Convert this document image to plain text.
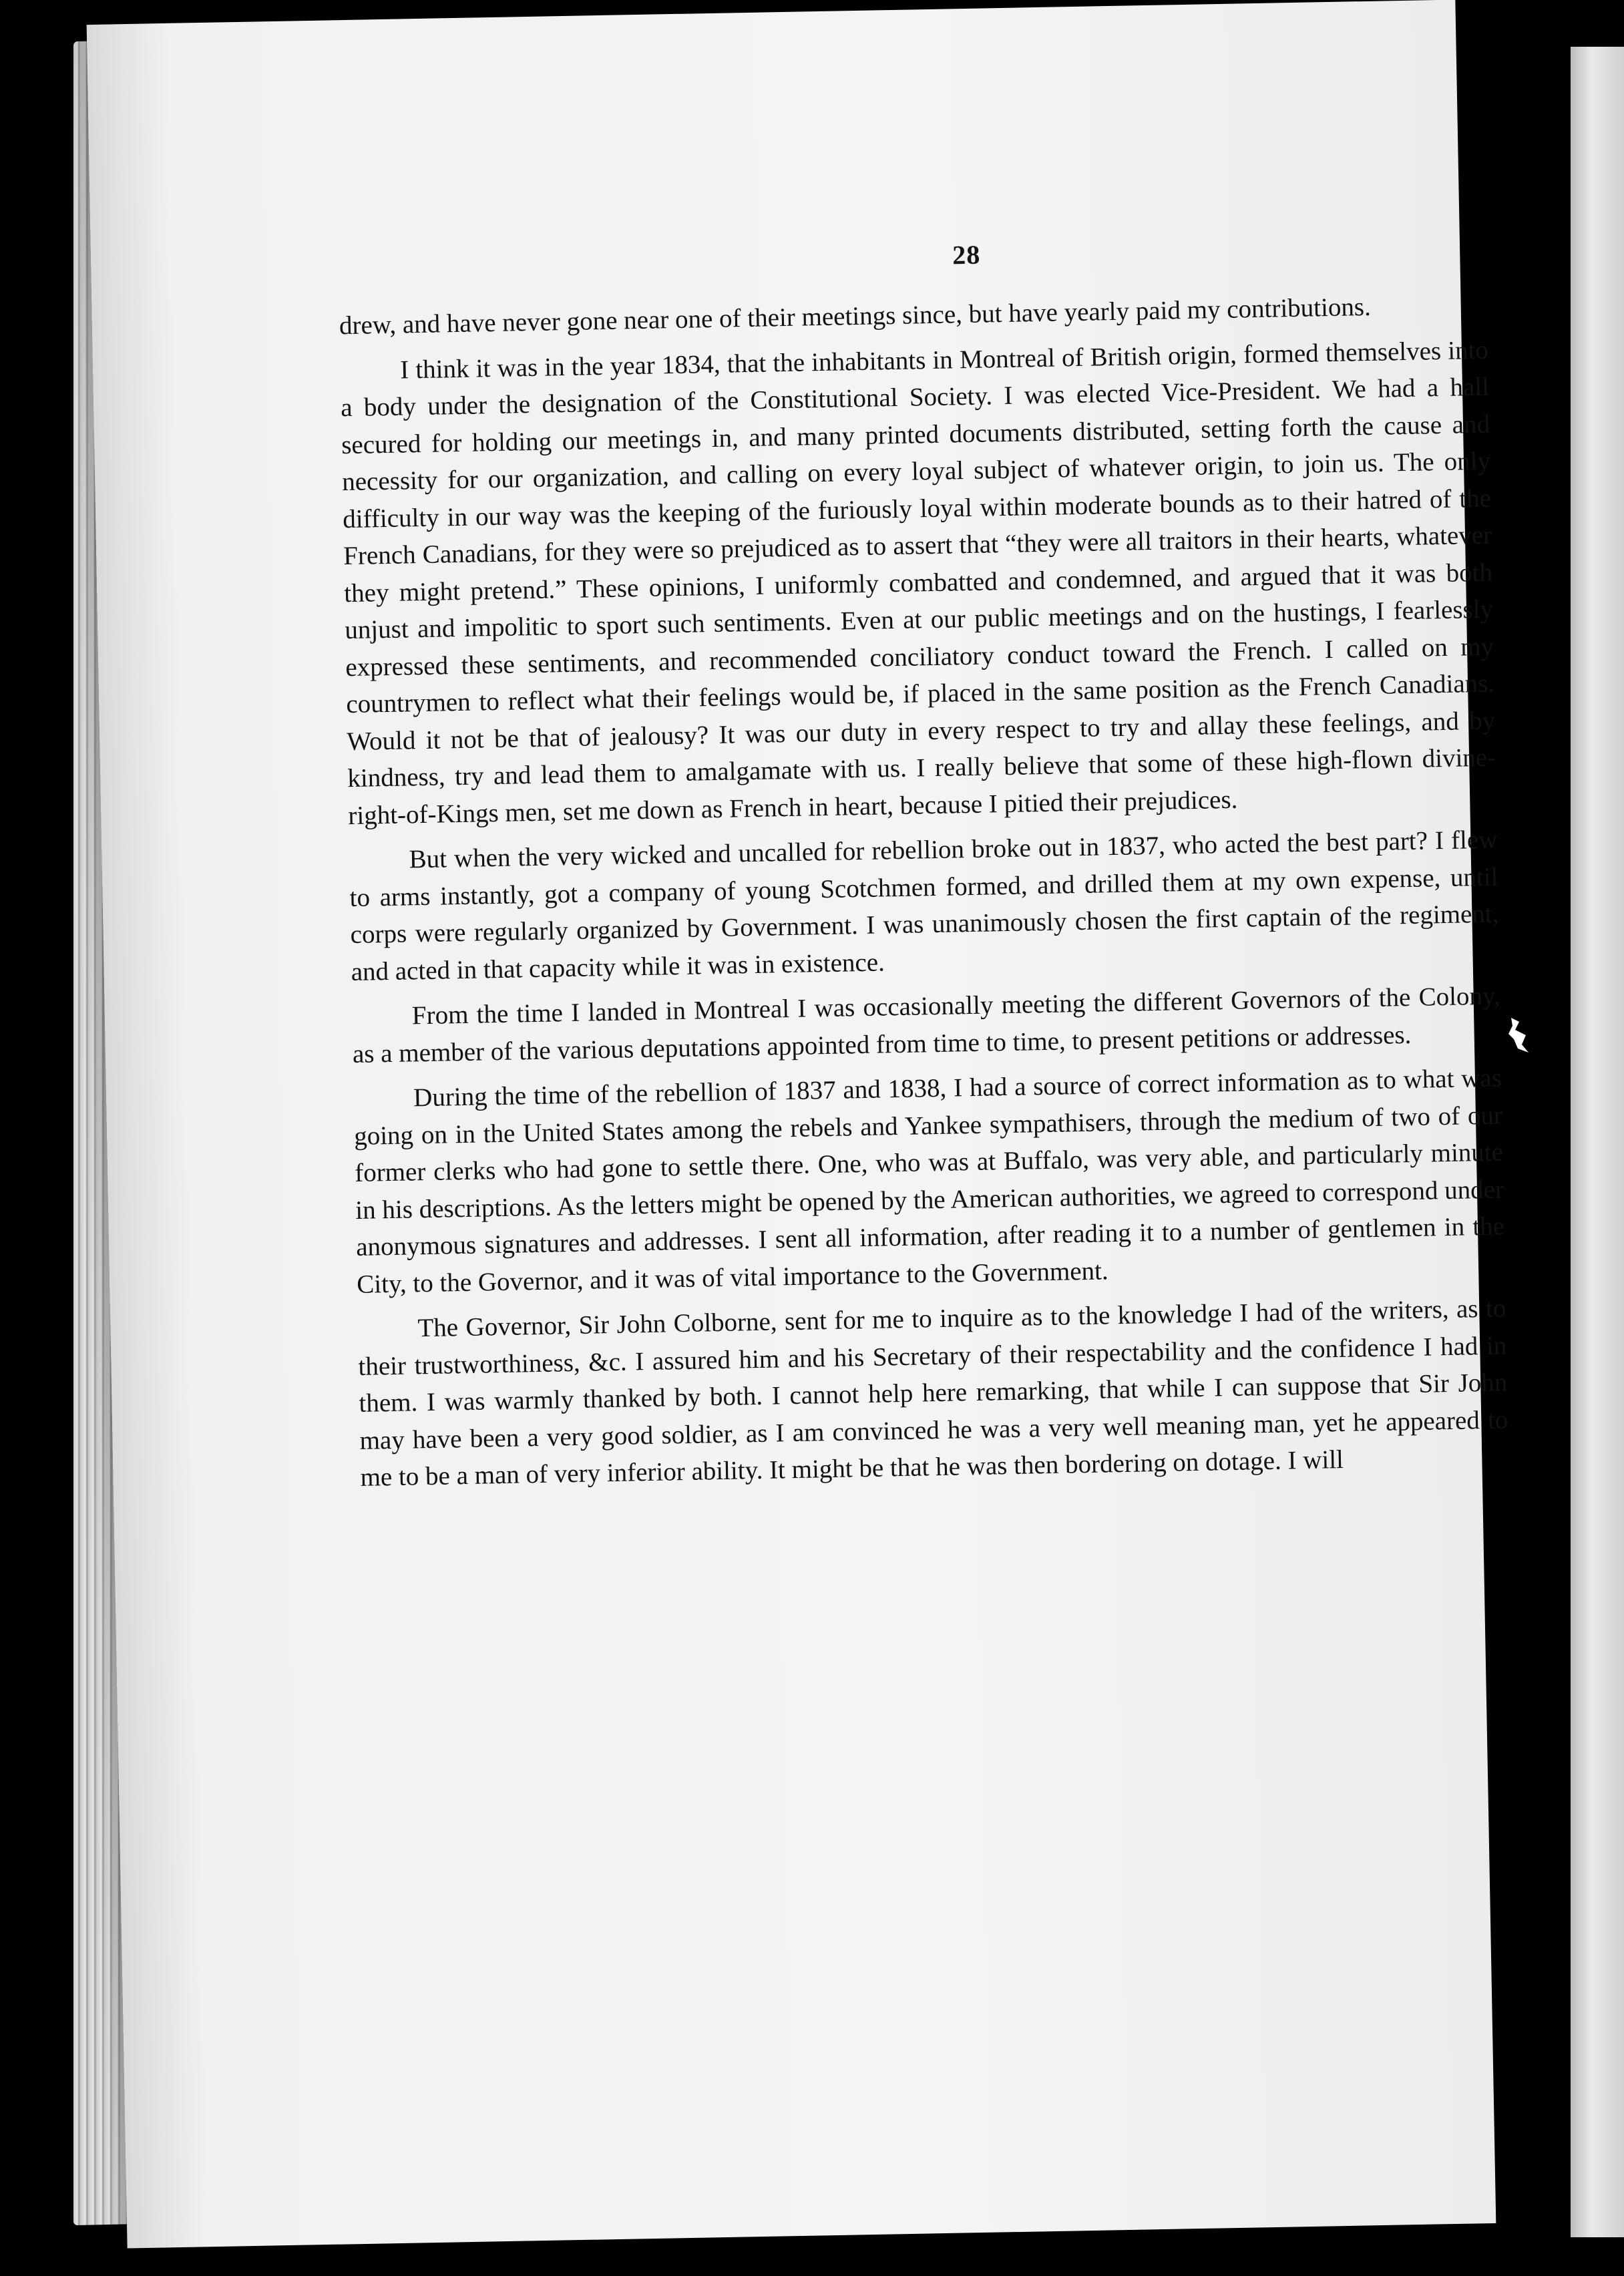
28

drew, and have never gone near one of their meetings since, but have yearly paid my contributions.

I think it was in the year 1834, that the inhabitants in Montreal of British origin, formed themselves into a body under the designation of the Constitutional Society. I was elected Vice-President. We had a hall secured for holding our meetings in, and many printed documents distributed, setting forth the cause and necessity for our organization, and calling on every loyal subject of whatever origin, to join us. The only difficulty in our way was the keeping of the furiously loyal within moderate bounds as to their hatred of the French Canadians, for they were so prejudiced as to assert that “they were all traitors in their hearts, whatever they might pretend.” These opinions, I uniformly combatted and condemned, and argued that it was both unjust and impolitic to sport such sentiments. Even at our public meetings and on the hustings, I fearlessly expressed these sentiments, and recommended conciliatory conduct toward the French. I called on my countrymen to reflect what their feelings would be, if placed in the same position as the French Canadians. Would it not be that of jealousy? It was our duty in every respect to try and allay these feelings, and by kindness, try and lead them to amalgamate with us. I really believe that some of these high-flown divine-right-of-Kings men, set me down as French in heart, because I pitied their prejudices.

But when the very wicked and uncalled for rebellion broke out in 1837, who acted the best part? I flew to arms instantly, got a company of young Scotchmen formed, and drilled them at my own expense, until corps were regularly organized by Government. I was unanimously chosen the first captain of the regiment, and acted in that capacity while it was in existence.

From the time I landed in Montreal I was occasionally meeting the different Governors of the Colony, as a member of the various deputations appointed from time to time, to present petitions or addresses.

During the time of the rebellion of 1837 and 1838, I had a source of correct information as to what was going on in the United States among the rebels and Yankee sympathisers, through the medium of two of our former clerks who had gone to settle there. One, who was at Buffalo, was very able, and particularly minute in his descriptions. As the letters might be opened by the American authorities, we agreed to correspond under anonymous signatures and addresses. I sent all information, after reading it to a number of gentlemen in the City, to the Governor, and it was of vital importance to the Government.

The Governor, Sir John Colborne, sent for me to inquire as to the knowledge I had of the writers, as to their trustworthiness, &c. I assured him and his Secretary of their respectability and the confidence I had in them. I was warmly thanked by both. I cannot help here remarking, that while I can suppose that Sir John may have been a very good soldier, as I am convinced he was a very well meaning man, yet he appeared to me to be a man of very inferior ability. It might be that he was then bordering on dotage. I will
